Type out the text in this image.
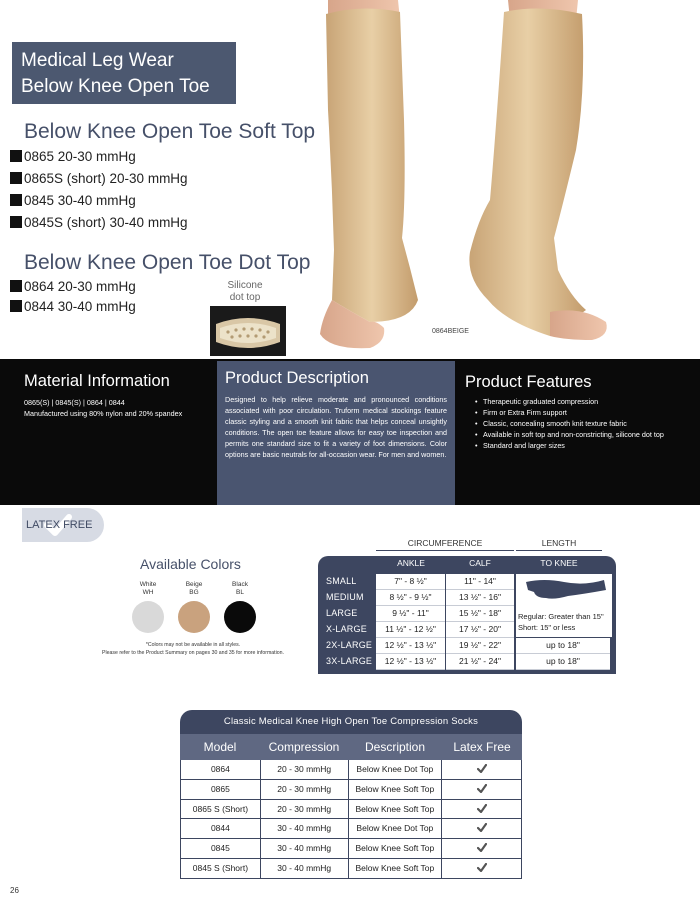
Medical Leg Wear
Below Knee Open Toe
Below Knee Open Toe Soft Top
0865 20-30 mmHg
0865S (short) 20-30 mmHg
0845 30-40 mmHg
0845S (short) 30-40 mmHg
Below Knee Open Toe Dot Top
0864 20-30 mmHg
0844 30-40 mmHg
Silicone
dot top
0864BEIGE
Material Information
0865(S) | 0845(S) | 0864 | 0844
Manufactured using 80% nylon and 20% spandex
Product Description
Designed to help relieve moderate and pronounced conditions associated with poor circulation. Truform medical stockings feature classic styling and a smooth knit fabric that helps conceal unsightly conditions. The open toe feature allows for easy toe inspection and permits one standard size to fit a variety of foot dimensions. Color options are basic neutrals for all-occasion wear. For men and women.
Product Features
• Therapeutic graduated compression
• Firm or Extra Firm support
• Classic, concealing smooth knit texture fabric
• Available in soft top and non-constricting, silicone dot top
• Standard and larger sizes
LATEX FREE
Available Colors
White
WH
Beige
BG
Black
BL
*Colors may not be available in all styles.
Please refer to the Product Summary on pages 30 and 35 for more information.
CIRCUMFERENCE	LENGTH
ANKLE	CALF	TO KNEE
SMALL	7" - 8 ½"	11" - 14"
MEDIUM	8 ½" - 9 ½"	13 ½" - 16"
LARGE	9 ½" - 11"	15 ½" - 18"
X-LARGE	11 ½" - 12 ½"	17 ½" - 20"
2X-LARGE	12 ½" - 13 ½"	19 ½" - 22"	up to 18"
3X-LARGE	12 ½" - 13 ½"	21 ½" - 24"	up to 18"
Regular: Greater than 15"
Short: 15" or less
Classic Medical Knee High Open Toe Compression Socks
Model	Compression	Description	Latex Free
0864	20 - 30 mmHg	Below Knee Dot Top
0865	20 - 30 mmHg	Below Knee Soft Top
0865 S (Short)	20 - 30 mmHg	Below Knee Soft Top
0844	30 - 40 mmHg	Below Knee Dot Top
0845	30 - 40 mmHg	Below Knee Soft Top
0845 S (Short)	30 - 40 mmHg	Below Knee Soft Top
26
